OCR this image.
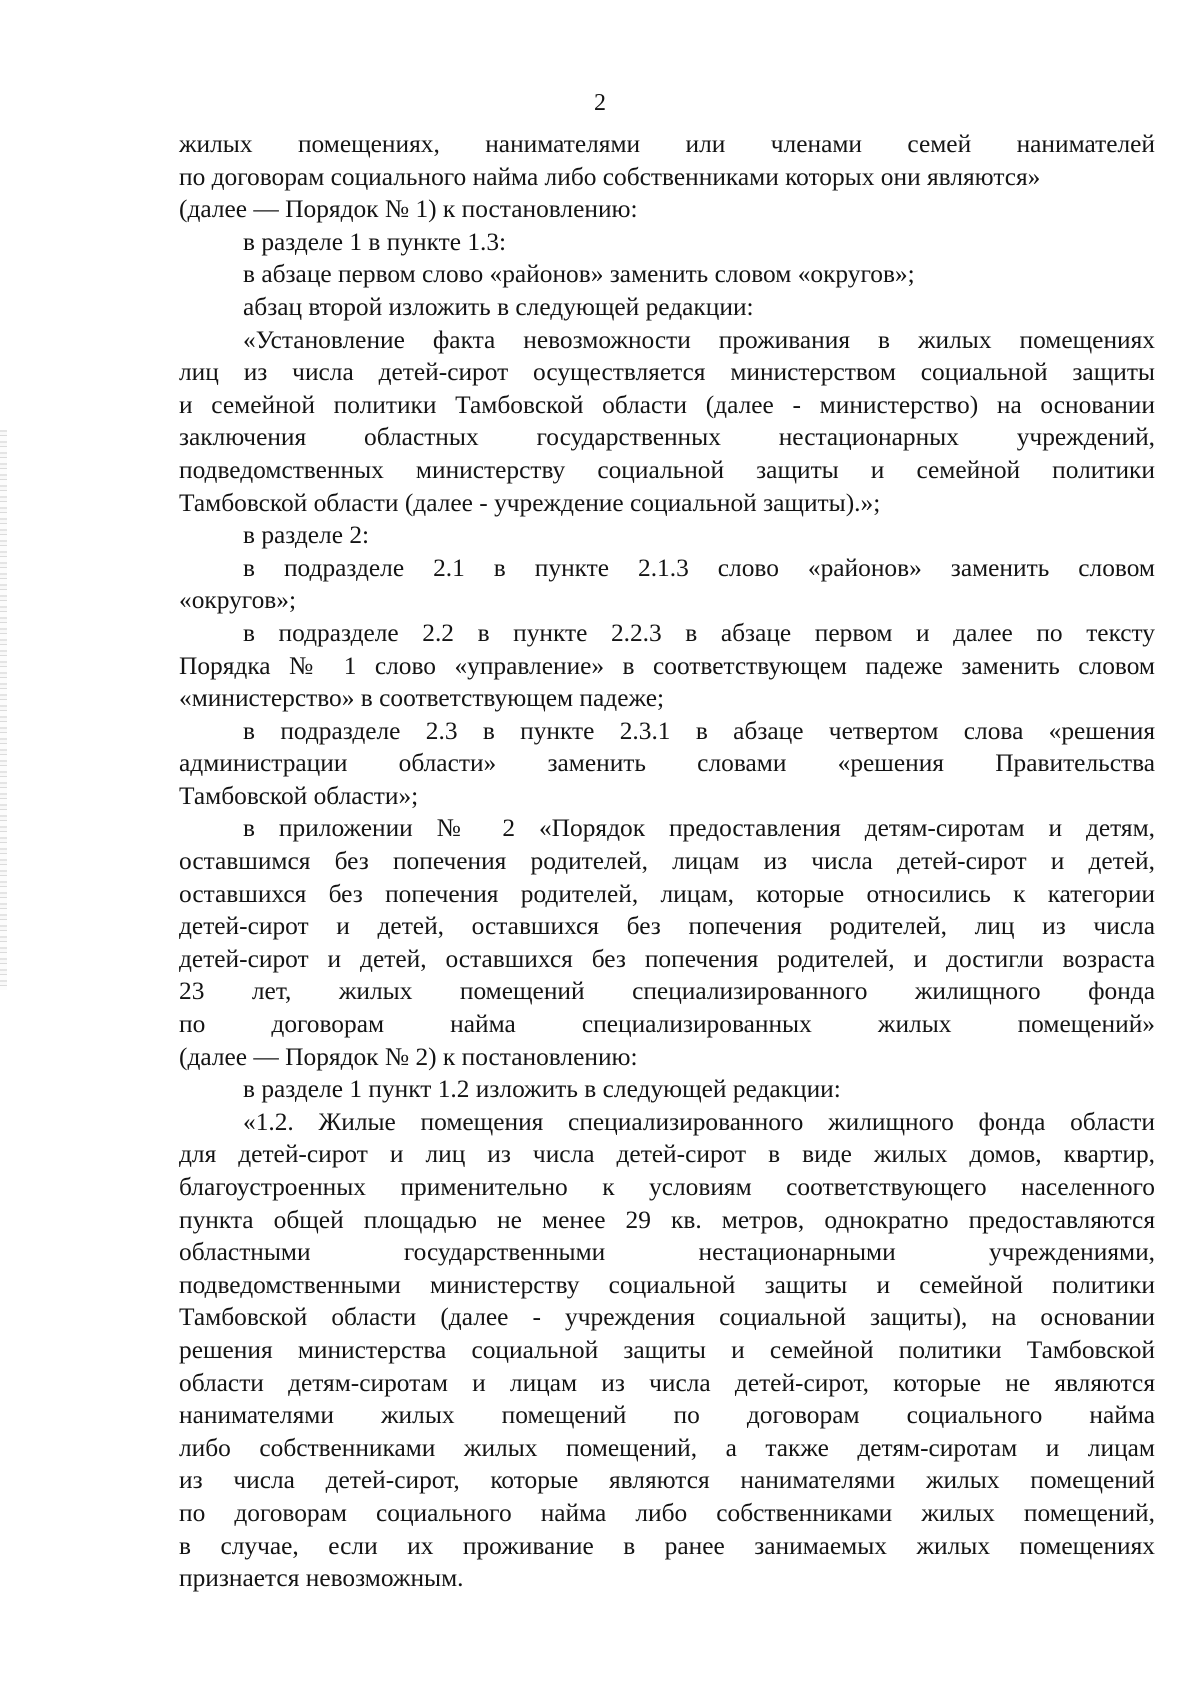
2
жилых помещениях, нанимателями или членами семей нанимателей
по договорам социального найма либо собственниками которых они являются»
(далее — Порядок № 1) к постановлению:
в разделе 1 в пункте 1.3:
в абзаце первом слово «районов» заменить словом «округов»;
абзац второй изложить в следующей редакции:
«Установление факта невозможности проживания в жилых помещениях
лиц из числа детей-сирот осуществляется министерством социальной защиты
и семейной политики Тамбовской области (далее - министерство) на основании
заключения областных государственных нестационарных учреждений,
подведомственных министерству социальной защиты и семейной политики
Тамбовской области (далее - учреждение социальной защиты).»;
в разделе 2:
в подразделе 2.1 в пункте 2.1.3 слово «районов» заменить словом
«округов»;
в подразделе 2.2 в пункте 2.2.3 в абзаце первом и далее по тексту
Порядка № 1 слово «управление» в соответствующем падеже заменить словом
«министерство» в соответствующем падеже;
в подразделе 2.3 в пункте 2.3.1 в абзаце четвертом слова «решения
администрации области» заменить словами «решения Правительства
Тамбовской области»;
в приложении № 2 «Порядок предоставления детям-сиротам и детям,
оставшимся без попечения родителей, лицам из числа детей-сирот и детей,
оставшихся без попечения родителей, лицам, которые относились к категории
детей-сирот и детей, оставшихся без попечения родителей, лиц из числа
детей-сирот и детей, оставшихся без попечения родителей, и достигли возраста
23 лет, жилых помещений специализированного жилищного фонда
по договорам найма специализированных жилых помещений»
(далее — Порядок № 2) к постановлению:
в разделе 1 пункт 1.2 изложить в следующей редакции:
«1.2. Жилые помещения специализированного жилищного фонда области
для детей-сирот и лиц из числа детей-сирот в виде жилых домов, квартир,
благоустроенных применительно к условиям соответствующего населенного
пункта общей площадью не менее 29 кв. метров, однократно предоставляются
областными государственными нестационарными учреждениями,
подведомственными министерству социальной защиты и семейной политики
Тамбовской области (далее - учреждения социальной защиты), на основании
решения министерства социальной защиты и семейной политики Тамбовской
области детям-сиротам и лицам из числа детей-сирот, которые не являются
нанимателями жилых помещений по договорам социального найма
либо собственниками жилых помещений, а также детям-сиротам и лицам
из числа детей-сирот, которые являются нанимателями жилых помещений
по договорам социального найма либо собственниками жилых помещений,
в случае, если их проживание в ранее занимаемых жилых помещениях
признается невозможным.
